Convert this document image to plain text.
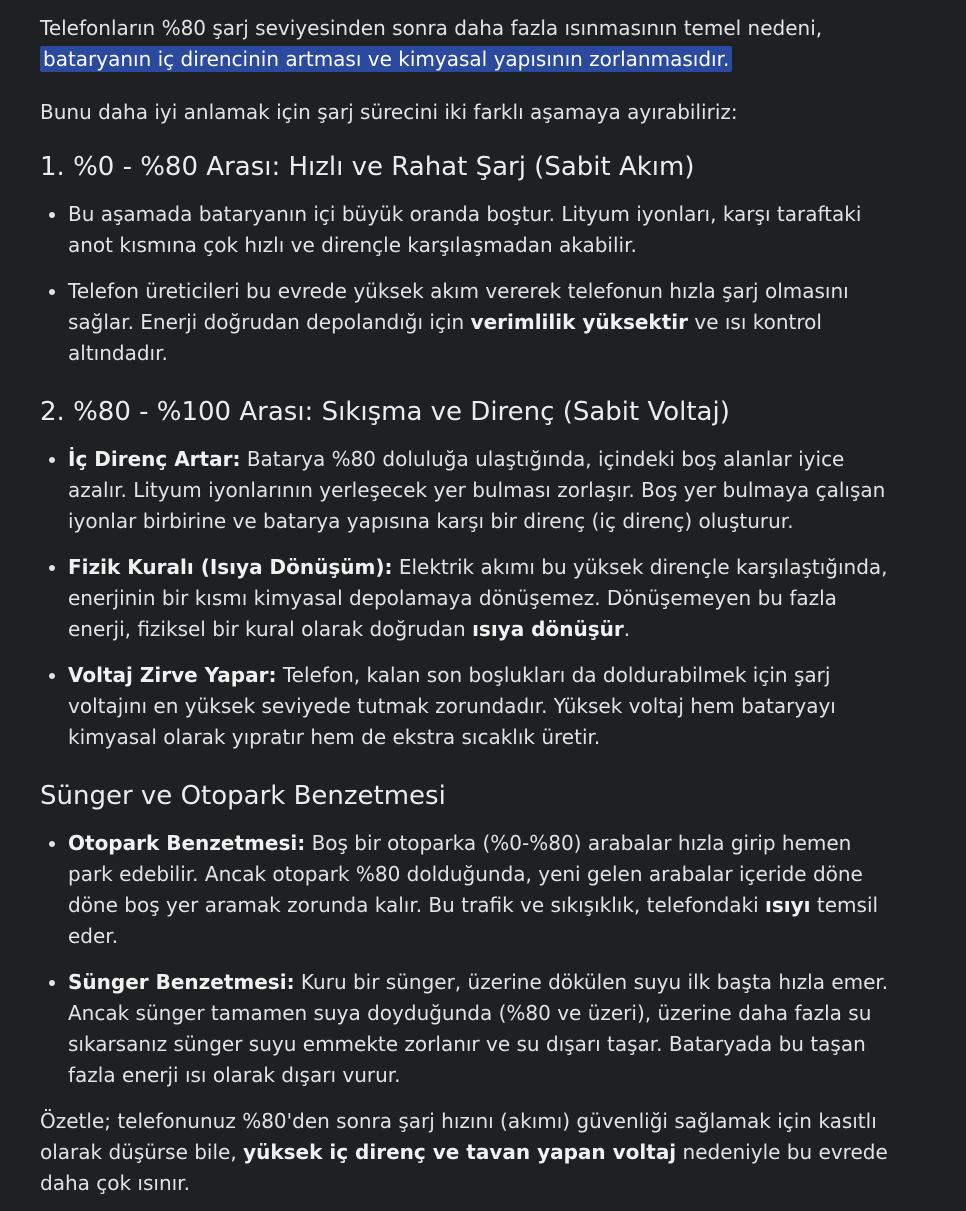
Telefonların %80 şarj seviyesinden sonra daha fazla ısınmasının temel nedeni,
bataryanın iç direncinin artması ve kimyasal yapısının zorlanmasıdır.

Bunu daha iyi anlamak için şarj sürecini iki farklı aşamaya ayırabiliriz:

1. %0 - %80 Arası: Hızlı ve Rahat Şarj (Sabit Akım)
• Bu aşamada bataryanın içi büyük oranda boştur. Lityum iyonları, karşı taraftaki anot kısmına çok hızlı ve dirençle karşılaşmadan akabilir.
• Telefon üreticileri bu evrede yüksek akım vererek telefonun hızla şarj olmasını sağlar. Enerji doğrudan depolandığı için verimlilik yüksektir ve ısı kontrol altındadır.
2. %80 - %100 Arası: Sıkışma ve Direnç (Sabit Voltaj)
• İç Direnç Artar: Batarya %80 doluluğa ulaştığında, içindeki boş alanlar iyice azalır. Lityum iyonlarının yerleşecek yer bulması zorlaşır. Boş yer bulmaya çalışan iyonlar birbirine ve batarya yapısına karşı bir direnç (iç direnç) oluşturur.
• Fizik Kuralı (Isıya Dönüşüm): Elektrik akımı bu yüksek dirençle karşılaştığında, enerjinin bir kısmı kimyasal depolamaya dönüşemez. Dönüşemeyen bu fazla enerji, fiziksel bir kural olarak doğrudan ısıya dönüşür.
• Voltaj Zirve Yapar: Telefon, kalan son boşlukları da doldurabilmek için şarj voltajını en yüksek seviyede tutmak zorundadır. Yüksek voltaj hem bataryayı kimyasal olarak yıpratır hem de ekstra sıcaklık üretir.
Sünger ve Otopark Benzetmesi
• Otopark Benzetmesi: Boş bir otoparka (%0-%80) arabalar hızla girip hemen park edebilir. Ancak otopark %80 dolduğunda, yeni gelen arabalar içeride döne döne boş yer aramak zorunda kalır. Bu trafik ve sıkışıklık, telefondaki ısıyı temsil eder.
• Sünger Benzetmesi: Kuru bir sünger, üzerine dökülen suyu ilk başta hızla emer. Ancak sünger tamamen suya doyduğunda (%80 ve üzeri), üzerine daha fazla su sıkarsanız sünger suyu emmekte zorlanır ve su dışarı taşar. Bataryada bu taşan fazla enerji ısı olarak dışarı vurur.

Özetle; telefonunuz %80'den sonra şarj hızını (akımı) güvenliği sağlamak için kasıtlı olarak düşürse bile, yüksek iç direnç ve tavan yapan voltaj nedeniyle bu evrede daha çok ısınır.
